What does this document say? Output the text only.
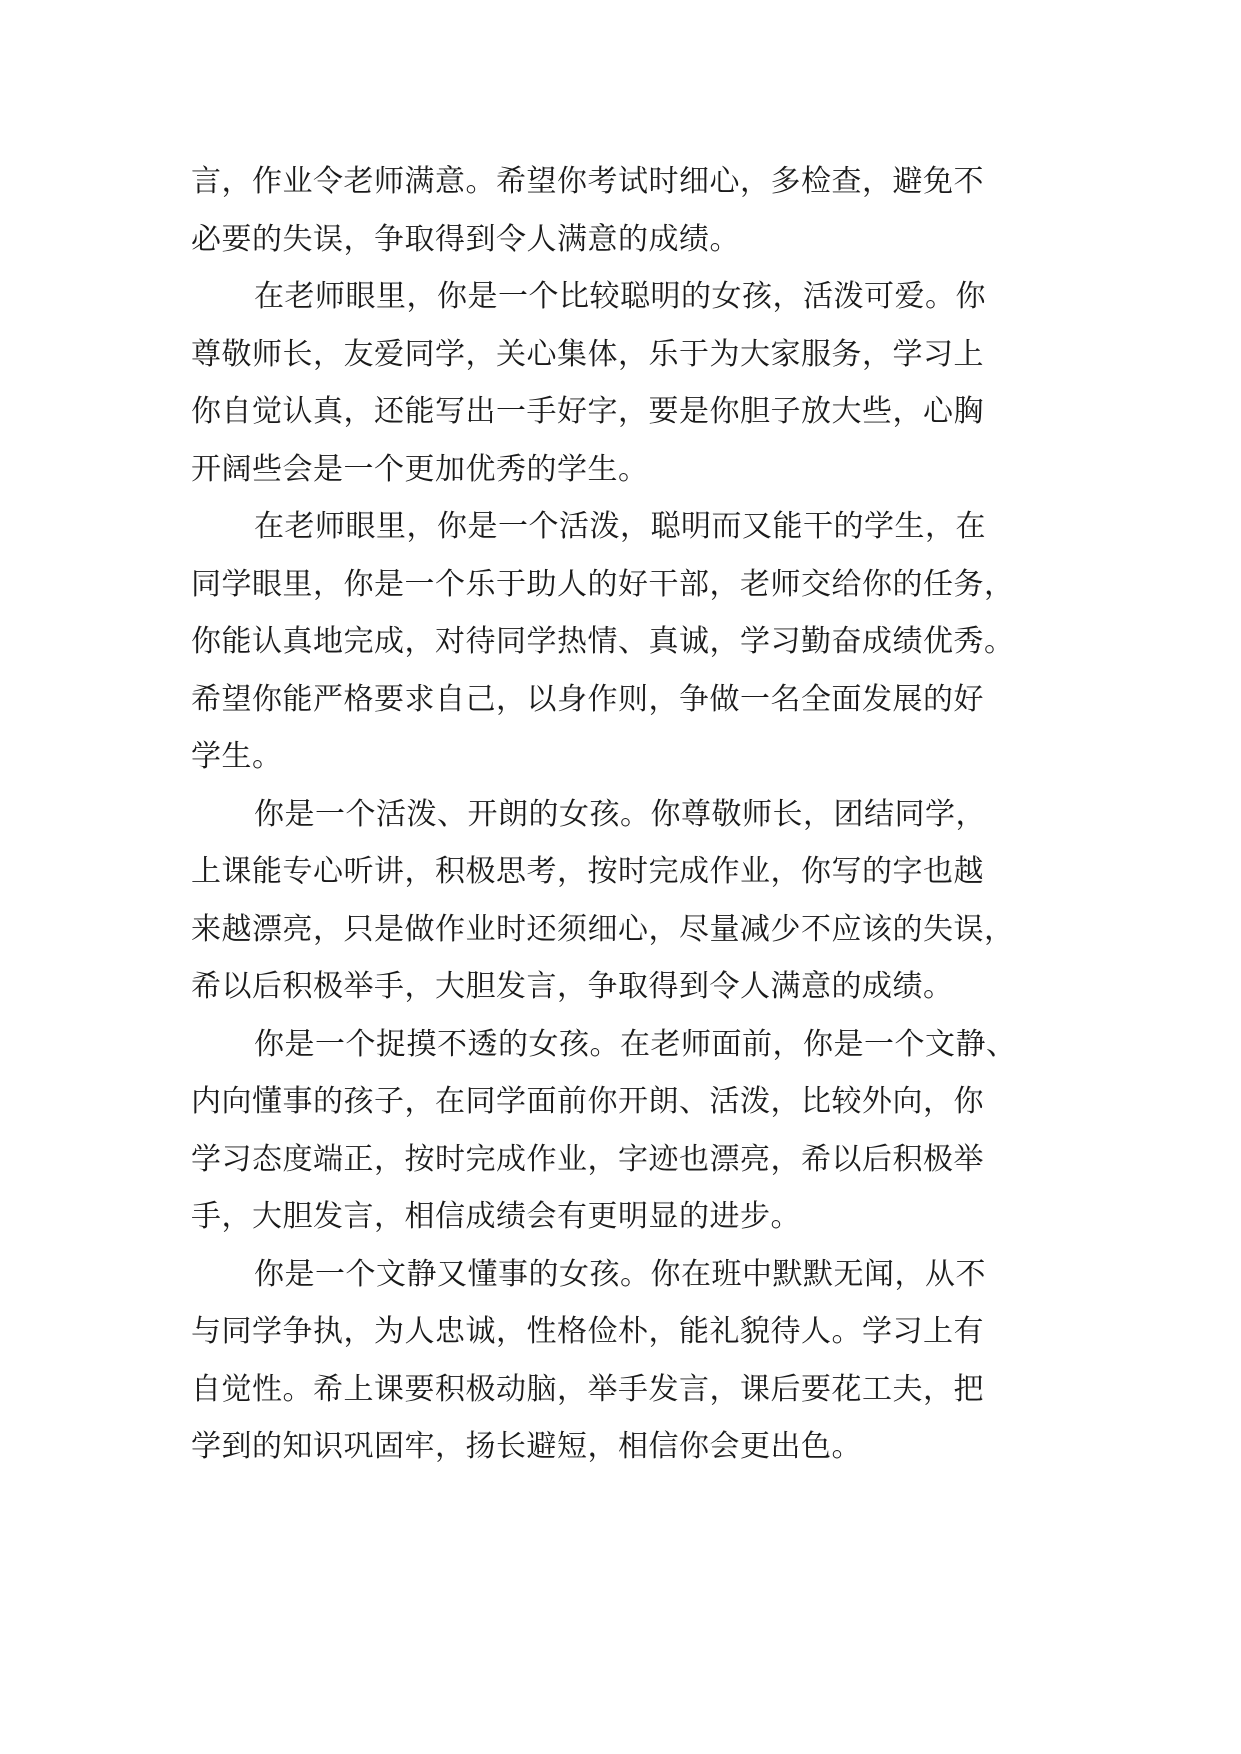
言，作业令老师满意。希望你考试时细心，多检查，避免不
必要的失误，争取得到令人满意的成绩。
在老师眼里，你是一个比较聪明的女孩，活泼可爱。你
尊敬师长，友爱同学，关心集体，乐于为大家服务，学习上
你自觉认真，还能写出一手好字，要是你胆子放大些，心胸
开阔些会是一个更加优秀的学生。
在老师眼里，你是一个活泼，聪明而又能干的学生，在
同学眼里，你是一个乐于助人的好干部，老师交给你的任务，
你能认真地完成，对待同学热情、真诚，学习勤奋成绩优秀。
希望你能严格要求自己，以身作则，争做一名全面发展的好
学生。
你是一个活泼、开朗的女孩。你尊敬师长，团结同学，
上课能专心听讲，积极思考，按时完成作业，你写的字也越
来越漂亮，只是做作业时还须细心，尽量减少不应该的失误，
希以后积极举手，大胆发言，争取得到令人满意的成绩。
你是一个捉摸不透的女孩。在老师面前，你是一个文静、
内向懂事的孩子，在同学面前你开朗、活泼，比较外向，你
学习态度端正，按时完成作业，字迹也漂亮，希以后积极举
手，大胆发言，相信成绩会有更明显的进步。
你是一个文静又懂事的女孩。你在班中默默无闻，从不
与同学争执，为人忠诚，性格俭朴，能礼貌待人。学习上有
自觉性。希上课要积极动脑，举手发言，课后要花工夫，把
学到的知识巩固牢，扬长避短，相信你会更出色。
